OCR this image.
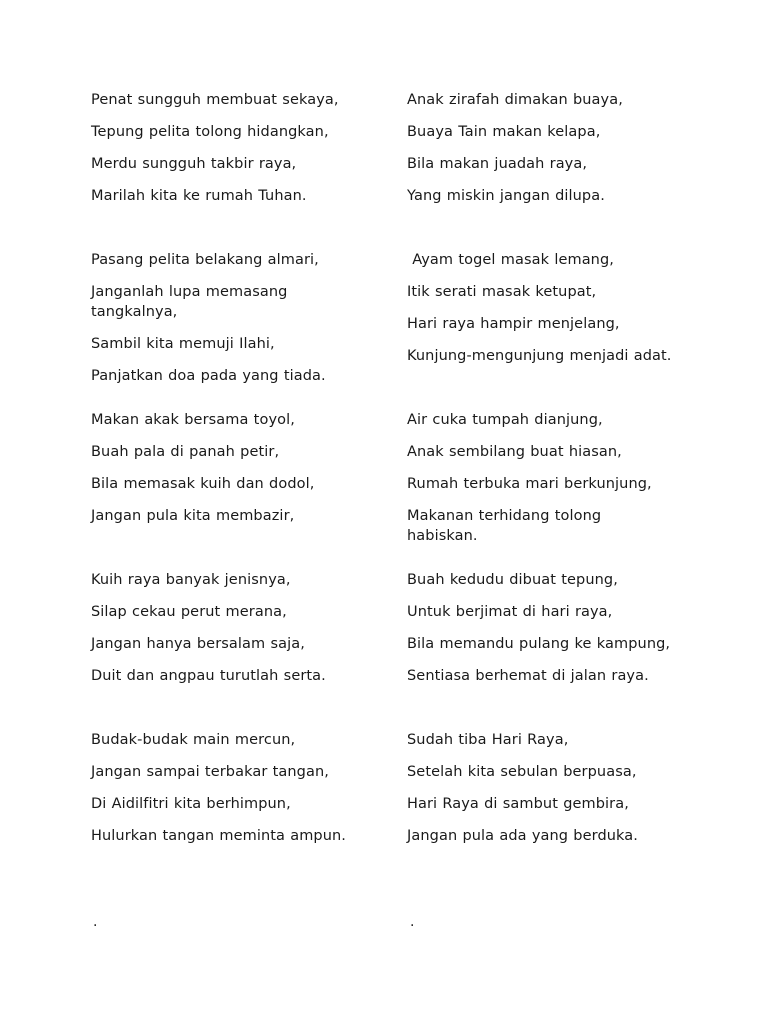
Penat sungguh membuat sekaya,

Tepung pelita tolong hidangkan,

Merdu sungguh takbir raya,

Marilah kita ke rumah Tuhan.

Pasang pelita belakang almari,

Janganlah lupa memasang tangkalnya,

Sambil kita memuji Ilahi,

Panjatkan doa pada yang tiada.

Makan akak bersama toyol,

Buah pala di panah petir,

Bila memasak kuih dan dodol,

Jangan pula kita membazir,

Kuih raya banyak jenisnya,

Silap cekau perut merana,

Jangan hanya bersalam saja,

Duit dan angpau turutlah serta.

Budak-budak main mercun,

Jangan sampai terbakar tangan,

Di Aidilfitri kita berhimpun,

Hulurkan tangan meminta ampun.

Anak zirafah dimakan buaya,

Buaya Tain makan kelapa,

Bila makan juadah raya,

Yang miskin jangan dilupa.

Ayam togel masak lemang,

Itik serati masak ketupat,

Hari raya hampir menjelang,

Kunjung-mengunjung menjadi adat.

Air cuka tumpah dianjung,

Anak sembilang buat hiasan,

Rumah terbuka mari berkunjung,

Makanan terhidang tolong habiskan.

Buah kedudu dibuat tepung,

Untuk berjimat di hari raya,

Bila memandu pulang ke kampung,

Sentiasa berhemat di jalan raya.

Sudah tiba Hari Raya,

Setelah kita sebulan berpuasa,

Hari Raya di sambut gembira,

Jangan pula ada yang berduka.

.	.
